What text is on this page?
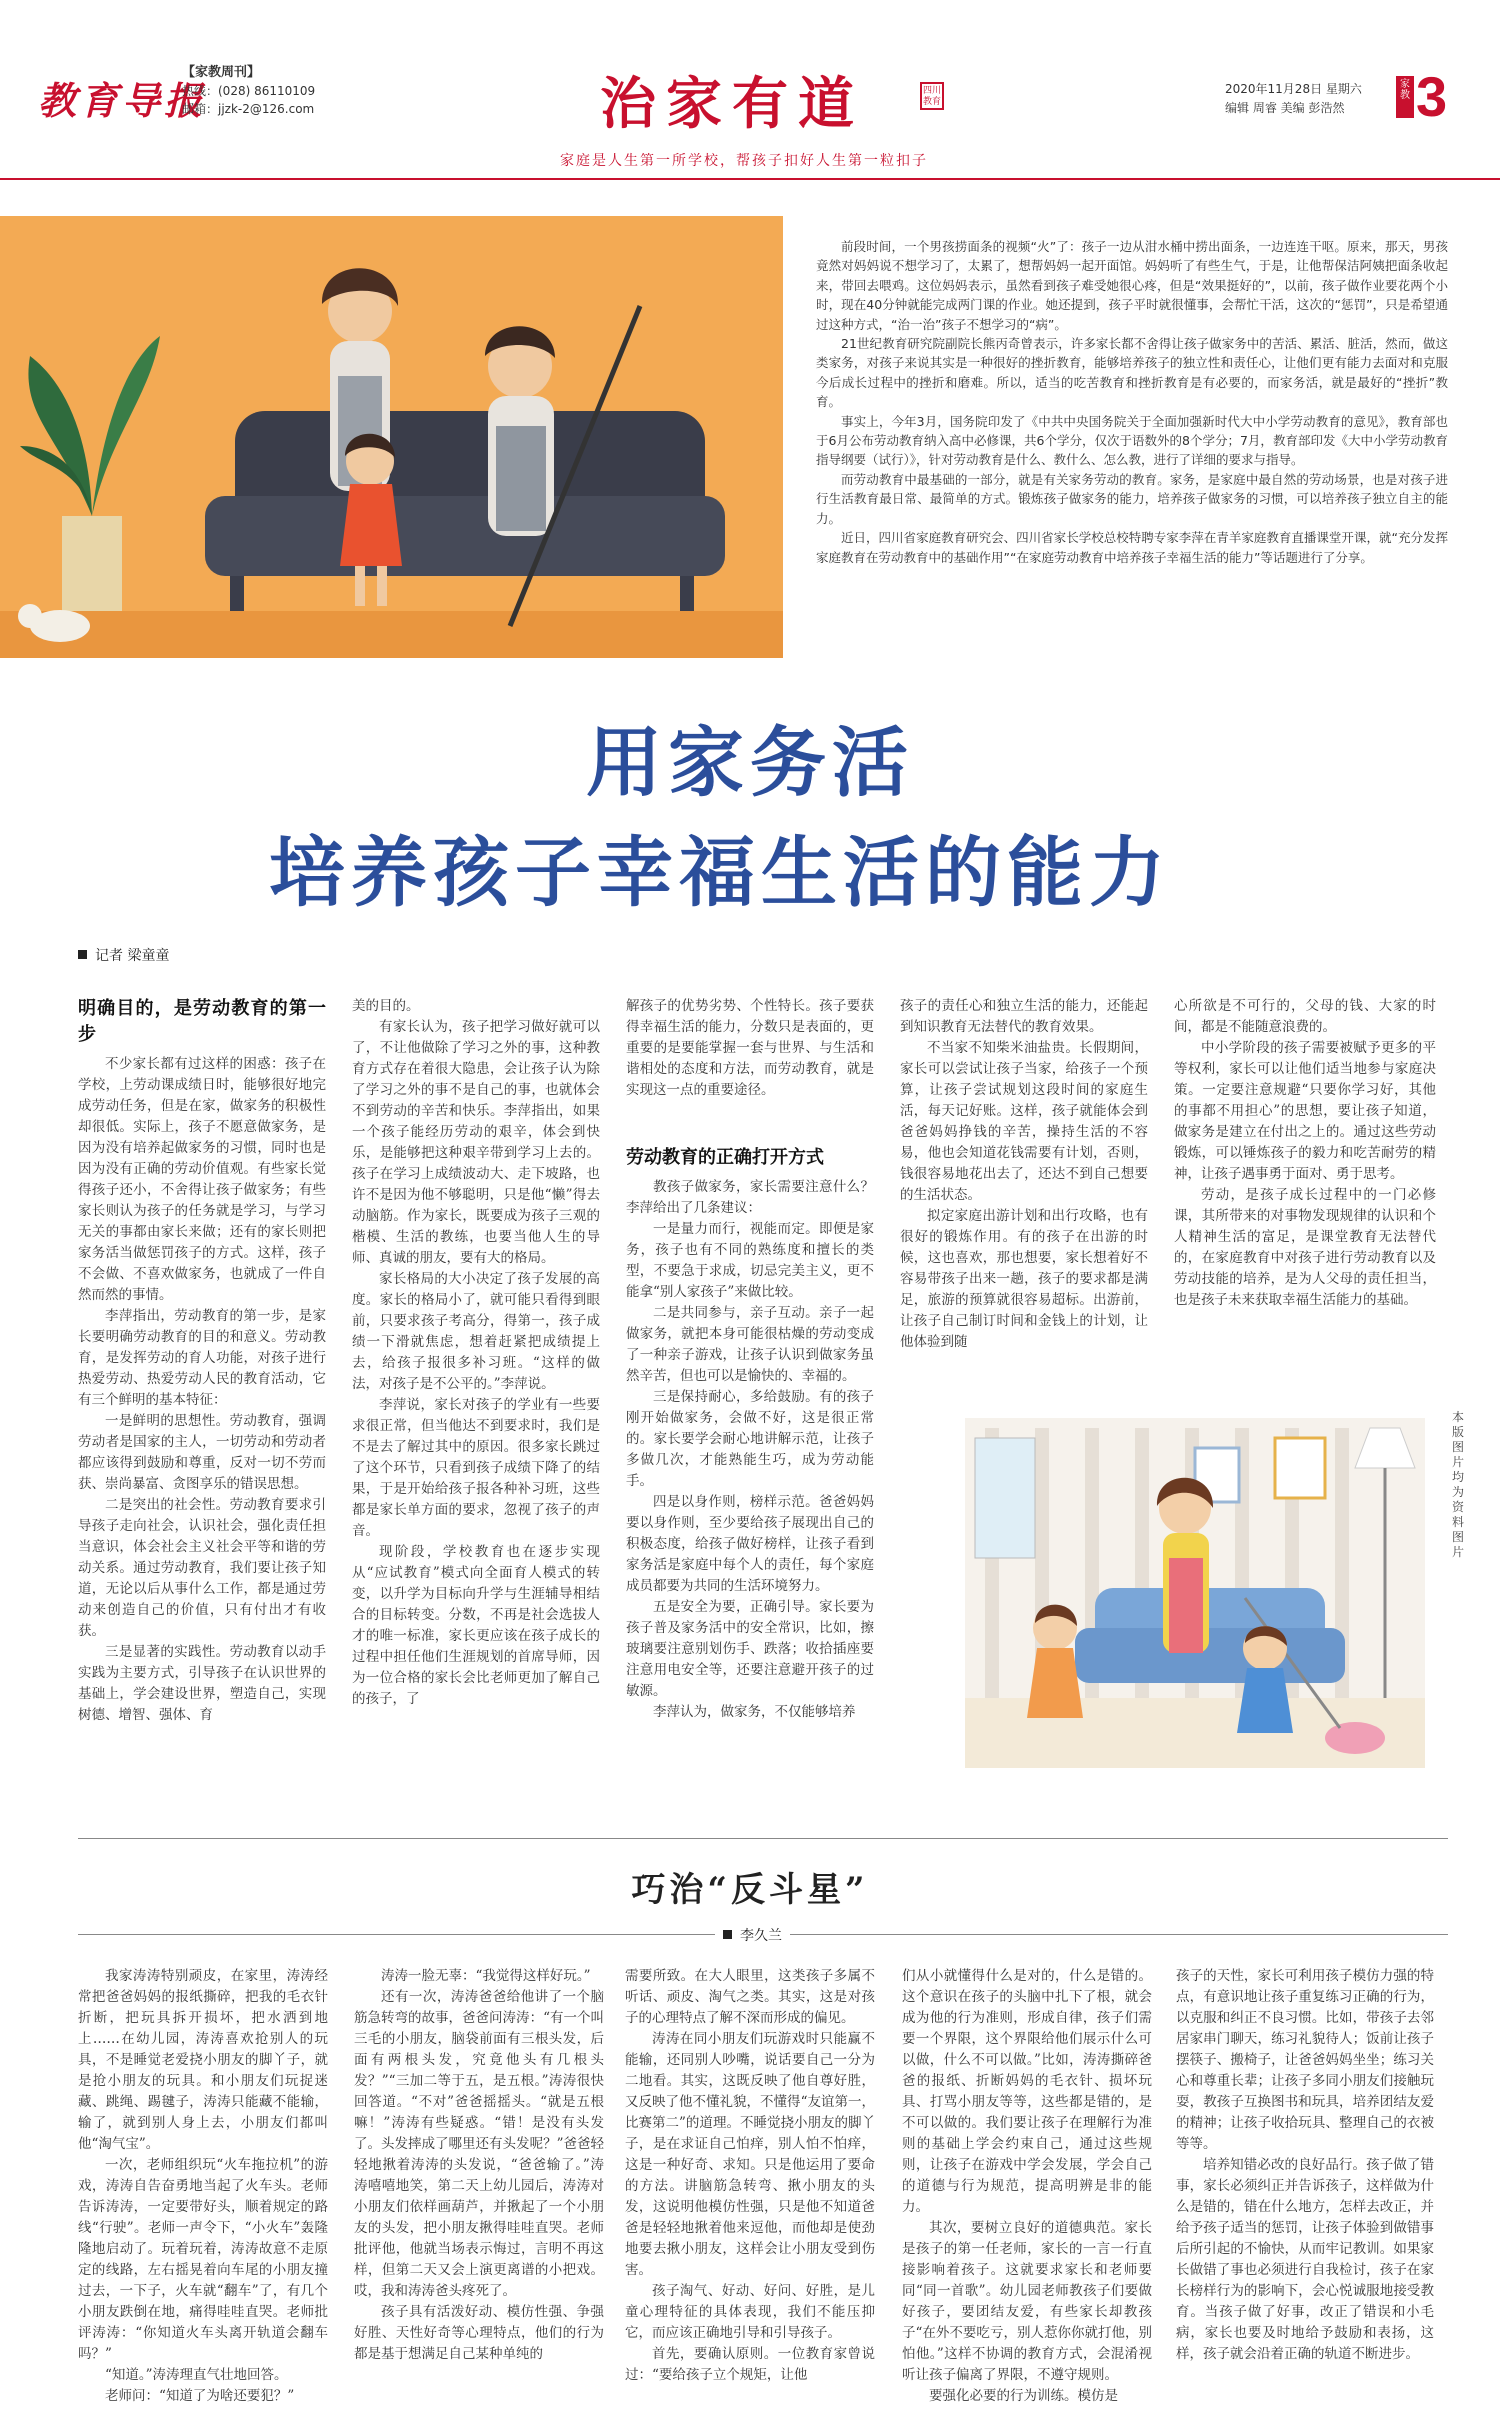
教育导报
【家教周刊】
热线：(028) 86110109
邮箱：jjzk-2@126.com	治家有道	四川教育
家庭是人生第一所学校，帮孩子扣好人生第一粒扣子
2020年11月28日 星期六
编辑 周睿 美编 彭浩然
家教 3

前段时间，一个男孩捞面条的视频“火”了：孩子一边从泔水桶中捞出面条，一边连连干呕。原来，那天，男孩竟然对妈妈说不想学习了，太累了，想帮妈妈一起开面馆。妈妈听了有些生气，于是，让他帮保洁阿姨把面条收起来，带回去喂鸡。这位妈妈表示，虽然看到孩子难受她很心疼，但是“效果挺好的”，以前，孩子做作业要花两个小时，现在40分钟就能完成两门课的作业。她还提到，孩子平时就很懂事，会帮忙干活，这次的“惩罚”，只是希望通过这种方式，“治一治”孩子不想学习的“病”。

21世纪教育研究院副院长熊丙奇曾表示，许多家长都不舍得让孩子做家务中的苦活、累活、脏活，然而，做这类家务，对孩子来说其实是一种很好的挫折教育，能够培养孩子的独立性和责任心，让他们更有能力去面对和克服今后成长过程中的挫折和磨难。所以，适当的吃苦教育和挫折教育是有必要的，而家务活，就是最好的“挫折”教育。

事实上，今年3月，国务院印发了《中共中央国务院关于全面加强新时代大中小学劳动教育的意见》，教育部也于6月公布劳动教育纳入高中必修课，共6个学分，仅次于语数外的8个学分；7月，教育部印发《大中小学劳动教育指导纲要（试行）》，针对劳动教育是什么、教什么、怎么教，进行了详细的要求与指导。

而劳动教育中最基础的一部分，就是有关家务劳动的教育。家务，是家庭中最自然的劳动场景，也是对孩子进行生活教育最日常、最简单的方式。锻炼孩子做家务的能力，培养孩子做家务的习惯，可以培养孩子独立自主的能力。

近日，四川省家庭教育研究会、四川省家长学校总校特聘专家李萍在青羊家庭教育直播课堂开课，就“充分发挥家庭教育在劳动教育中的基础作用”“在家庭劳动教育中培养孩子幸福生活的能力”等话题进行了分享。

用家务活
培养孩子幸福生活的能力
记者 梁童童
明确目的，是劳动教育的第一步

不少家长都有过这样的困惑：孩子在学校，上劳动课成绩日时，能够很好地完成劳动任务，但是在家，做家务的积极性却很低。实际上，孩子不愿意做家务，是因为没有培养起做家务的习惯，同时也是因为没有正确的劳动价值观。有些家长觉得孩子还小，不舍得让孩子做家务；有些家长则认为孩子的任务就是学习，与学习无关的事都由家长来做；还有的家长则把家务活当做惩罚孩子的方式。这样，孩子不会做、不喜欢做家务，也就成了一件自然而然的事情。

李萍指出，劳动教育的第一步，是家长要明确劳动教育的目的和意义。劳动教育，是发挥劳动的育人功能，对孩子进行热爱劳动、热爱劳动人民的教育活动，它有三个鲜明的基本特征：

一是鲜明的思想性。劳动教育，强调劳动者是国家的主人，一切劳动和劳动者都应该得到鼓励和尊重，反对一切不劳而获、崇尚暴富、贪图享乐的错误思想。

二是突出的社会性。劳动教育要求引导孩子走向社会，认识社会，强化责任担当意识，体会社会主义社会平等和谐的劳动关系。通过劳动教育，我们要让孩子知道，无论以后从事什么工作，都是通过劳动来创造自己的价值，只有付出才有收获。

三是显著的实践性。劳动教育以动手实践为主要方式，引导孩子在认识世界的基础上，学会建设世界，塑造自己，实现树德、增智、强体、育

美的目的。

有家长认为，孩子把学习做好就可以了，不让他做除了学习之外的事，这种教育方式存在着很大隐患，会让孩子认为除了学习之外的事不是自己的事，也就体会不到劳动的辛苦和快乐。李萍指出，如果一个孩子能经历劳动的艰辛，体会到快乐，是能够把这种艰辛带到学习上去的。孩子在学习上成绩波动大、走下坡路，也许不是因为他不够聪明，只是他“懒”得去动脑筋。作为家长，既要成为孩子三观的楷模、生活的教练，也要当他人生的导师、真诚的朋友，要有大的格局。

家长格局的大小决定了孩子发展的高度。家长的格局小了，就可能只看得到眼前，只要求孩子考高分，得第一，孩子成绩一下滑就焦虑，想着赶紧把成绩提上去，给孩子报很多补习班。“这样的做法，对孩子是不公平的。”李萍说。

李萍说，家长对孩子的学业有一些要求很正常，但当他达不到要求时，我们是不是去了解过其中的原因。很多家长跳过了这个环节，只看到孩子成绩下降了的结果，于是开始给孩子报各种补习班，这些都是家长单方面的要求，忽视了孩子的声音。

现阶段，学校教育也在逐步实现从“应试教育”模式向全面育人模式的转变，以升学为目标向升学与生涯辅导相结合的目标转变。分数，不再是社会选拔人才的唯一标准，家长更应该在孩子成长的过程中担任他们生涯规划的首席导师，因为一位合格的家长会比老师更加了解自己的孩子，了

解孩子的优势劣势、个性特长。孩子要获得幸福生活的能力，分数只是表面的，更重要的是要能掌握一套与世界、与生活和谐相处的态度和方法，而劳动教育，就是实现这一点的重要途径。

劳动教育的正确打开方式

教孩子做家务，家长需要注意什么？李萍给出了几条建议：

一是量力而行，视能而定。即便是家务，孩子也有不同的熟练度和擅长的类型，不要急于求成，切忌完美主义，更不能拿“别人家孩子”来做比较。

二是共同参与，亲子互动。亲子一起做家务，就把本身可能很枯燥的劳动变成了一种亲子游戏，让孩子认识到做家务虽然辛苦，但也可以是愉快的、幸福的。

三是保持耐心，多给鼓励。有的孩子刚开始做家务，会做不好，这是很正常的。家长要学会耐心地讲解示范，让孩子多做几次，才能熟能生巧，成为劳动能手。

四是以身作则，榜样示范。爸爸妈妈要以身作则，至少要给孩子展现出自己的积极态度，给孩子做好榜样，让孩子看到家务活是家庭中每个人的责任，每个家庭成员都要为共同的生活环境努力。

五是安全为要，正确引导。家长要为孩子普及家务活中的安全常识，比如，擦玻璃要注意别划伤手、跌落；收拾插座要注意用电安全等，还要注意避开孩子的过敏源。

李萍认为，做家务，不仅能够培养

孩子的责任心和独立生活的能力，还能起到知识教育无法替代的教育效果。

不当家不知柴米油盐贵。长假期间，家长可以尝试让孩子当家，给孩子一个预算，让孩子尝试规划这段时间的家庭生活，每天记好账。这样，孩子就能体会到爸爸妈妈挣钱的辛苦，操持生活的不容易，他也会知道花钱需要有计划，否则，钱很容易地花出去了，还达不到自己想要的生活状态。

拟定家庭出游计划和出行攻略，也有很好的锻炼作用。有的孩子在出游的时候，这也喜欢，那也想要，家长想着好不容易带孩子出来一趟，孩子的要求都是满足，旅游的预算就很容易超标。出游前，让孩子自己制订时间和金钱上的计划，让他体验到随

心所欲是不可行的，父母的钱、大家的时间，都是不能随意浪费的。

中小学阶段的孩子需要被赋予更多的平等权利，家长可以让他们适当地参与家庭决策。一定要注意规避“只要你学习好，其他的事都不用担心”的思想，要让孩子知道，做家务是建立在付出之上的。通过这些劳动锻炼，可以锤炼孩子的毅力和吃苦耐劳的精神，让孩子遇事勇于面对、勇于思考。

劳动，是孩子成长过程中的一门必修课，其所带来的对事物发现规律的认识和个人精神生活的富足，是课堂教育无法替代的，在家庭教育中对孩子进行劳动教育以及劳动技能的培养，是为人父母的责任担当，也是孩子未来获取幸福生活能力的基础。

本版图片均为资料图片
巧治“反斗星”
李久兰

我家涛涛特别顽皮，在家里，涛涛经常把爸爸妈妈的报纸撕碎，把我的毛衣针折断，把玩具拆开损坏，把水洒到地上……在幼儿园，涛涛喜欢抢别人的玩具，不是睡觉老爱挠小朋友的脚丫子，就是抢小朋友的玩具。和小朋友们玩捉迷藏、跳绳、踢毽子，涛涛只能藏不能输，输了，就到别人身上去，小朋友们都叫他“淘气宝”。

一次，老师组织玩“火车拖拉机”的游戏，涛涛自告奋勇地当起了火车头。老师告诉涛涛，一定要带好头，顺着规定的路线“行驶”。老师一声令下，“小火车”轰隆隆地启动了。玩着玩着，涛涛故意不走原定的线路，左右摇晃着向车尾的小朋友撞过去，一下子，火车就“翻车”了，有几个小朋友跌倒在地，痛得哇哇直哭。老师批评涛涛：“你知道火车头离开轨道会翻车吗？”

“知道。”涛涛理直气壮地回答。

老师问：“知道了为啥还要犯？”

涛涛一脸无辜：“我觉得这样好玩。”

还有一次，涛涛爸爸给他讲了一个脑筋急转弯的故事，爸爸问涛涛：“有一个叫三毛的小朋友，脑袋前面有三根头发，后面有两根头发，究竟他头有几根头发？”“三加二等于五，是五根。”涛涛很快回答道。“不对”爸爸摇摇头。“就是五根嘛！”涛涛有些疑惑。“错！是没有头发了。头发摔成了哪里还有头发呢？”爸爸轻轻地揪着涛涛的头发说，“爸爸输了。”涛涛嘻嘻地笑，第二天上幼儿园后，涛涛对小朋友们依样画葫芦，并揪起了一个小朋友的头发，把小朋友揪得哇哇直哭。老师批评他，他就当场表示悔过，言明不再这样，但第二天又会上演更离谱的小把戏。哎，我和涛涛爸头疼死了。

孩子具有活泼好动、模仿性强、争强好胜、天性好奇等心理特点，他们的行为都是基于想满足自己某种单纯的

需要所致。在大人眼里，这类孩子多属不听话、顽皮、淘气之类。其实，这是对孩子的心理特点了解不深而形成的偏见。

涛涛在同小朋友们玩游戏时只能赢不能输，还同别人吵嘴，说话要自己一分为二地看。其实，这既反映了他自尊好胜，又反映了他不懂礼貌，不懂得“友谊第一，比赛第二”的道理。不睡觉挠小朋友的脚丫子，是在求证自己怕痒，别人怕不怕痒，这是一种好奇、求知。只是他运用了要命的方法。讲脑筋急转弯、揪小朋友的头发，这说明他模仿性强，只是他不知道爸爸是轻轻地揪着他来逗他，而他却是使劲地要去揪小朋友，这样会让小朋友受到伤害。

孩子淘气、好动、好问、好胜，是儿童心理特征的具体表现，我们不能压抑它，而应该正确地引导和引导孩子。

首先，要确认原则。一位教育家曾说过：“要给孩子立个规矩，让他

们从小就懂得什么是对的，什么是错的。这个意识在孩子的头脑中扎下了根，就会成为他的行为准则，形成自律，孩子们需要一个界限，这个界限给他们展示什么可以做，什么不可以做。”比如，涛涛撕碎爸爸的报纸、折断妈妈的毛衣针、损坏玩具、打骂小朋友等等，这些都是错的，是不可以做的。我们要让孩子在理解行为准则的基础上学会约束自己，通过这些规则，让孩子在游戏中学会发展，学会自己的道德与行为规范，提高明辨是非的能力。

其次，要树立良好的道德典范。家长是孩子的第一任老师，家长的一言一行直接影响着孩子。这就要求家长和老师要同“同一首歌”。幼儿园老师教孩子们要做好孩子，要团结友爱，有些家长却教孩子“在外不要吃亏，别人惹你你就打他，别怕他。”这样不协调的教育方式，会混淆视听让孩子偏离了界限，不遵守规则。

要强化必要的行为训练。模仿是

孩子的天性，家长可利用孩子模仿力强的特点，有意识地让孩子重复练习正确的行为，以克服和纠正不良习惯。比如，带孩子去邻居家串门聊天，练习礼貌待人；饭前让孩子摆筷子、搬椅子，让爸爸妈妈坐坐；练习关心和尊重长辈；让孩子多同小朋友们接触玩耍，教孩子互换图书和玩具，培养团结友爱的精神；让孩子收拾玩具、整理自己的衣被等等。

培养知错必改的良好品行。孩子做了错事，家长必须纠正并告诉孩子，这样做为什么是错的，错在什么地方，怎样去改正，并给予孩子适当的惩罚，让孩子体验到做错事后所引起的不愉快，从而牢记教训。如果家长做错了事也必须进行自我检讨，孩子在家长榜样行为的影响下，会心悦诚服地接受教育。当孩子做了好事，改正了错误和小毛病，家长也要及时地给予鼓励和表扬，这样，孩子就会沿着正确的轨道不断进步。
